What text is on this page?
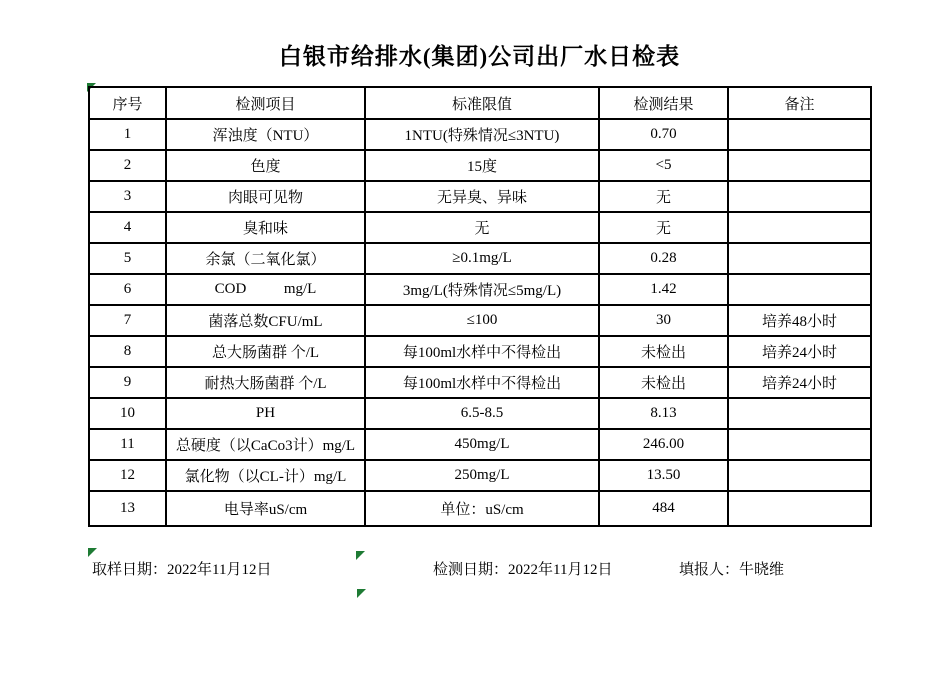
白银市给排水(集团)公司出厂水日检表
序号	检测项目	标准限值	检测结果	备注
1	浑浊度（NTU）	1NTU(特殊情况≤3NTU)	0.70	
2	色度	15度	<5	
3	肉眼可见物	无异臭、异味	无	
4	臭和味	无	无	
5	余氯（二氧化氯）	≥0.1mg/L	0.28	
6	COD          mg/L	3mg/L(特殊情况≤5mg/L)	1.42	
7	菌落总数CFU/mL	≤100	30	培养48小时
8	总大肠菌群 个/L	每100ml水样中不得检出	未检出	培养24小时
9	耐热大肠菌群 个/L	每100ml水样中不得检出	未检出	培养24小时
10	PH	6.5-8.5	8.13	
11	总硬度（以CaCo3计）mg/L	450mg/L	246.00	
12	氯化物（以CL-计）mg/L	250mg/L	13.50	
13	电导率uS/cm	单位：uS/cm	484	
取样日期：2022年11月12日	检测日期：2022年11月12日	填报人：牛晓维
